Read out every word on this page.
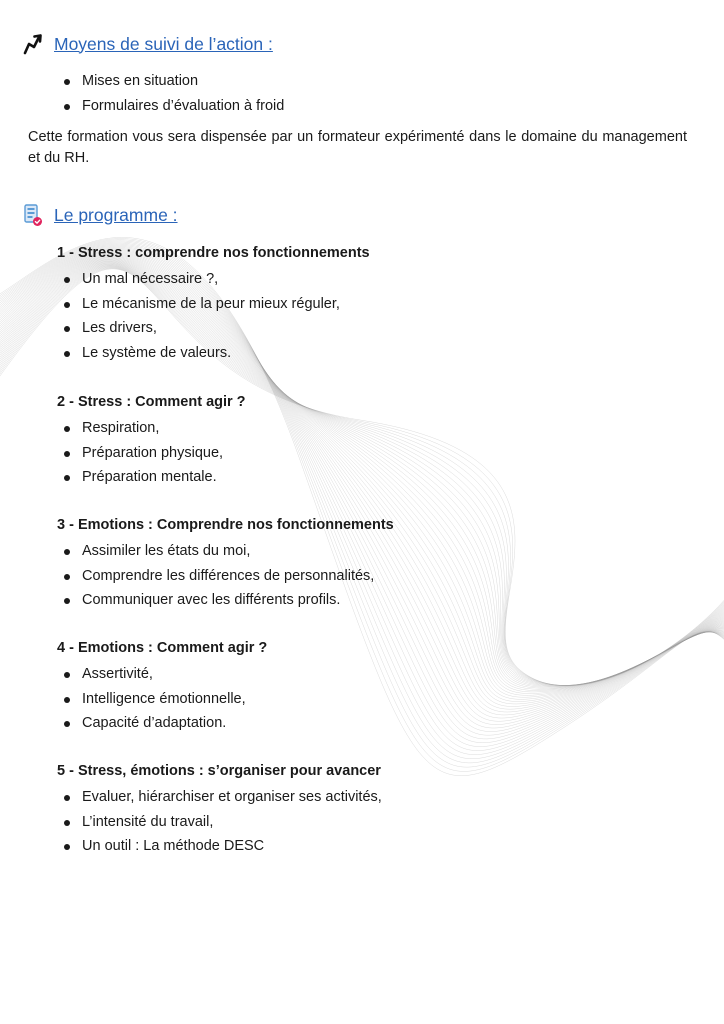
Moyens de suivi de l’action :
Mises en situation
Formulaires d’évaluation à froid
Cette formation vous sera dispensée par un formateur expérimenté dans le domaine du management et du RH.
Le programme :
1 - Stress : comprendre nos fonctionnements
Un mal nécessaire ?,
Le mécanisme de la peur mieux réguler,
Les drivers,
Le système de valeurs.
2 - Stress : Comment agir ?
Respiration,
Préparation physique,
Préparation mentale.
3 - Emotions : Comprendre nos fonctionnements
Assimiler les états du moi,
Comprendre les différences de personnalités,
Communiquer avec les différents profils.
4 - Emotions : Comment agir ?
Assertivité,
Intelligence émotionnelle,
Capacité d’adaptation.
5 - Stress, émotions : s’organiser pour avancer
Evaluer, hiérarchiser et organiser ses activités,
L’intensité du travail,
Un outil : La méthode DESC
